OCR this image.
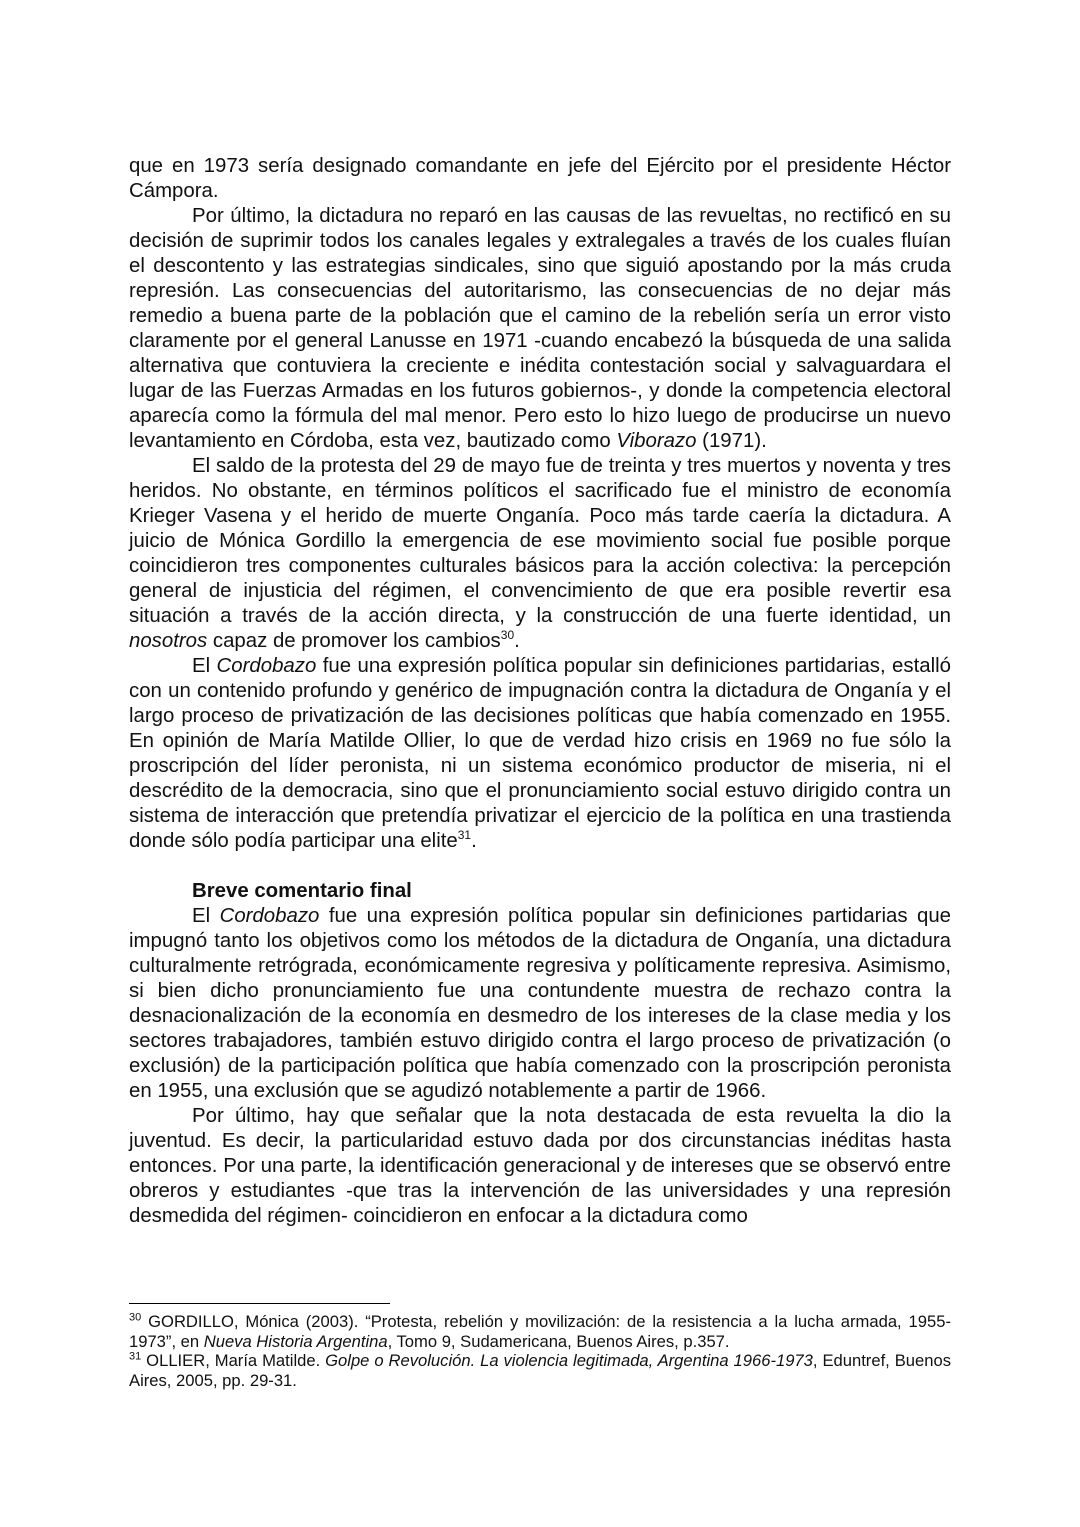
que en 1973 sería designado comandante en jefe del Ejército por el presidente Héctor Cámpora.

Por último, la dictadura no reparó en las causas de las revueltas, no rectificó en su decisión de suprimir todos los canales legales y extralegales a través de los cuales fluían el descontento y las estrategias sindicales, sino que siguió apostando por la más cruda represión. Las consecuencias del autoritarismo, las consecuencias de no dejar más remedio a buena parte de la población que el camino de la rebelión sería un error visto claramente por el general Lanusse en 1971 -cuando encabezó la búsqueda de una salida alternativa que contuviera la creciente e inédita contestación social y salvaguardara el lugar de las Fuerzas Armadas en los futuros gobiernos-, y donde la competencia electoral aparecía como la fórmula del mal menor. Pero esto lo hizo luego de producirse un nuevo levantamiento en Córdoba, esta vez, bautizado como Viborazo (1971).

El saldo de la protesta del 29 de mayo fue de treinta y tres muertos y noventa y tres heridos. No obstante, en términos políticos el sacrificado fue el ministro de economía Krieger Vasena y el herido de muerte Onganía. Poco más tarde caería la dictadura. A juicio de Mónica Gordillo la emergencia de ese movimiento social fue posible porque coincidieron tres componentes culturales básicos para la acción colectiva: la percepción general de injusticia del régimen, el convencimiento de que era posible revertir esa situación a través de la acción directa, y la construcción de una fuerte identidad, un nosotros capaz de promover los cambios$^{30}$.

El Cordobazo fue una expresión política popular sin definiciones partidarias, estalló con un contenido profundo y genérico de impugnación contra la dictadura de Onganía y el largo proceso de privatización de las decisiones políticas que había comenzado en 1955. En opinión de María Matilde Ollier, lo que de verdad hizo crisis en 1969 no fue sólo la proscripción del líder peronista, ni un sistema económico productor de miseria, ni el descrédito de la democracia, sino que el pronunciamiento social estuvo dirigido contra un sistema de interacción que pretendía privatizar el ejercicio de la política en una trastienda donde sólo podía participar una elite$^{31}$.

Breve comentario final

El Cordobazo fue una expresión política popular sin definiciones partidarias que impugnó tanto los objetivos como los métodos de la dictadura de Onganía, una dictadura culturalmente retrógrada, económicamente regresiva y políticamente represiva. Asimismo, si bien dicho pronunciamiento fue una contundente muestra de rechazo contra la desnacionalización de la economía en desmedro de los intereses de la clase media y los sectores trabajadores, también estuvo dirigido contra el largo proceso de privatización (o exclusión) de la participación política que había comenzado con la proscripción peronista en 1955, una exclusión que se agudizó notablemente a partir de 1966.

Por último, hay que señalar que la nota destacada de esta revuelta la dio la juventud. Es decir, la particularidad estuvo dada por dos circunstancias inéditas hasta entonces. Por una parte, la identificación generacional y de intereses que se observó entre obreros y estudiantes -que tras la intervención de las universidades y una represión desmedida del régimen- coincidieron en enfocar a la dictadura como

$^{30}$ GORDILLO, Mónica (2003). “Protesta, rebelión y movilización: de la resistencia a la lucha armada, 1955-1973”, en Nueva Historia Argentina, Tomo 9, Sudamericana, Buenos Aires, p.357.

$^{31}$ OLLIER, María Matilde. Golpe o Revolución. La violencia legitimada, Argentina 1966-1973, Eduntref, Buenos Aires, 2005, pp. 29-31.
